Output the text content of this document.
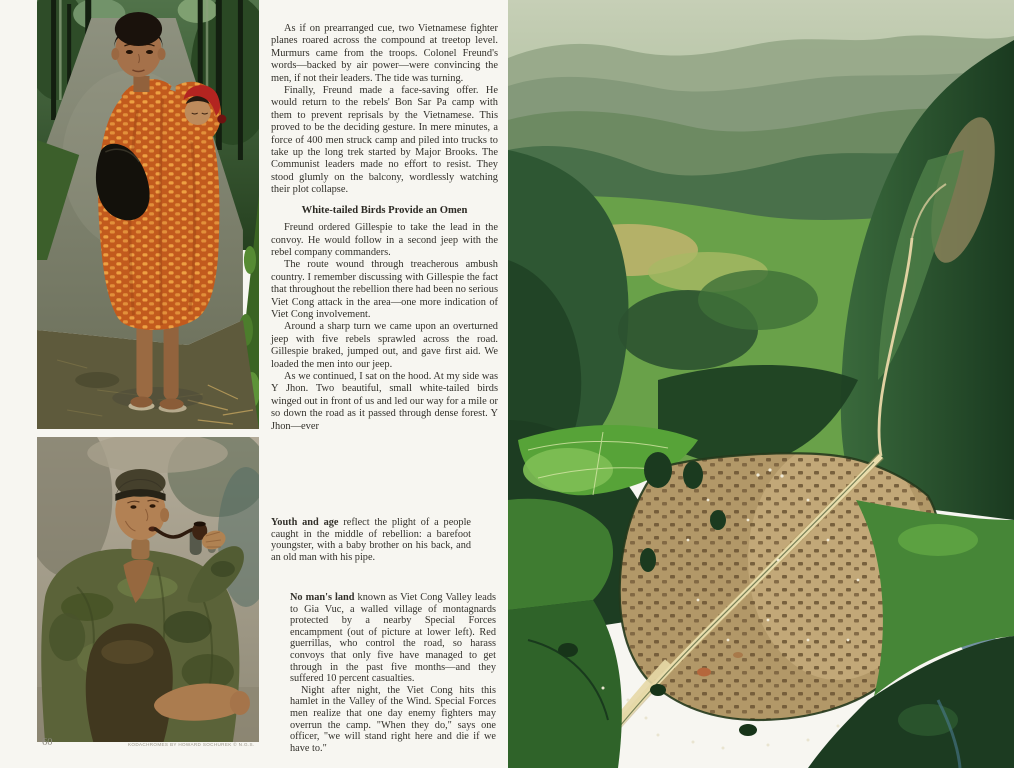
As if on prearranged cue, two Vietnamese fighter planes roared across the compound at treetop level. Murmurs came from the troops. Colonel Freund's words—backed by air power—were convincing the men, if not their leaders. The tide was turning.

Finally, Freund made a face-saving offer. He would return to the rebels' Bon Sar Pa camp with them to prevent reprisals by the Vietnamese. This proved to be the deciding gesture. In mere minutes, a force of 400 men struck camp and piled into trucks to take up the long trek started by Major Brooks. The Communist leaders made no effort to resist. They stood glumly on the balcony, wordlessly watching their plot collapse.

White-tailed Birds Provide an Omen

Freund ordered Gillespie to take the lead in the convoy. He would follow in a second jeep with the rebel company commanders.

The route wound through treacherous ambush country. I remember discussing with Gillespie the fact that throughout the rebellion there had been no serious Viet Cong attack in the area—one more indication of Viet Cong involvement.

Around a sharp turn we came upon an overturned jeep with five rebels sprawled across the road. Gillespie braked, jumped out, and gave first aid. We loaded the men into our jeep.

As we continued, I sat on the hood. At my side was Y Jhon. Two beautiful, small white-tailed birds winged out in front of us and led our way for a mile or so down the road as it passed through dense forest. Y Jhon—ever

Youth and age reflect the plight of a people caught in the middle of rebellion: a barefoot youngster, with a baby brother on his back, and an old man with his pipe.

No man's land known as Viet Cong Valley leads to Gia Vuc, a walled village of montagnards protected by a nearby Special Forces encampment (out of picture at lower left). Red guerrillas, who control the road, so harass convoys that only five have managed to get through in the past five months—and they suffered 10 percent casualties.

Night after night, the Viet Cong hits this hamlet in the Valley of the Wind. Special Forces men realize that one day enemy fighters may overrun the camp. "When they do," says one officer, "we will stand right here and die if we have to."

60	KODACHROMES BY HOWARD SOCHUREK © N.G.S.
